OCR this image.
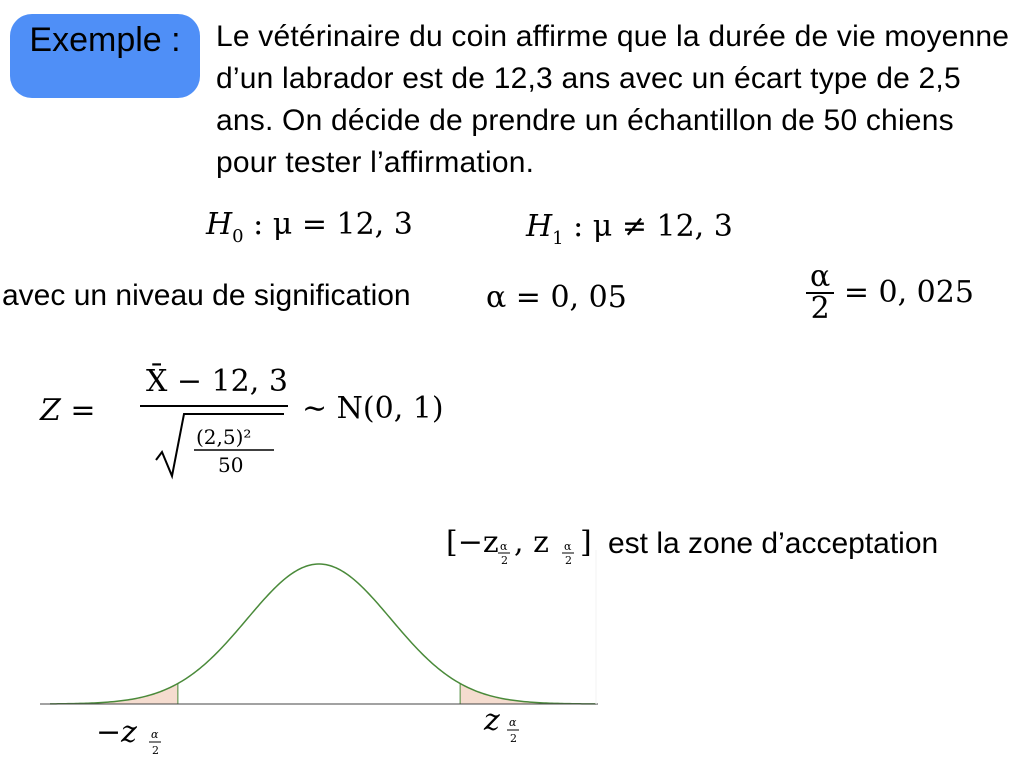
Exemple :	Le vétérinaire du coin affirme que la durée de vie moyenne d’un labrador est de 12,3 ans avec un écart type de 2,5 ans. On décide de prendre un échantillon de 50 chiens pour tester l’affirmation.
$H_0$ : μ = 12, 3	$H_1$ : μ ≠ 12, 3
avec un niveau de signification	α = 0, 05	$\frac{\alpha}{2} = 0$, 025
Z =
X̄ − 12, 3
(2,5)²
50
∼ N(0, 1)
[−z α
2
, z α
2
] est la zone d’acceptation
−z α
2
z α
2
